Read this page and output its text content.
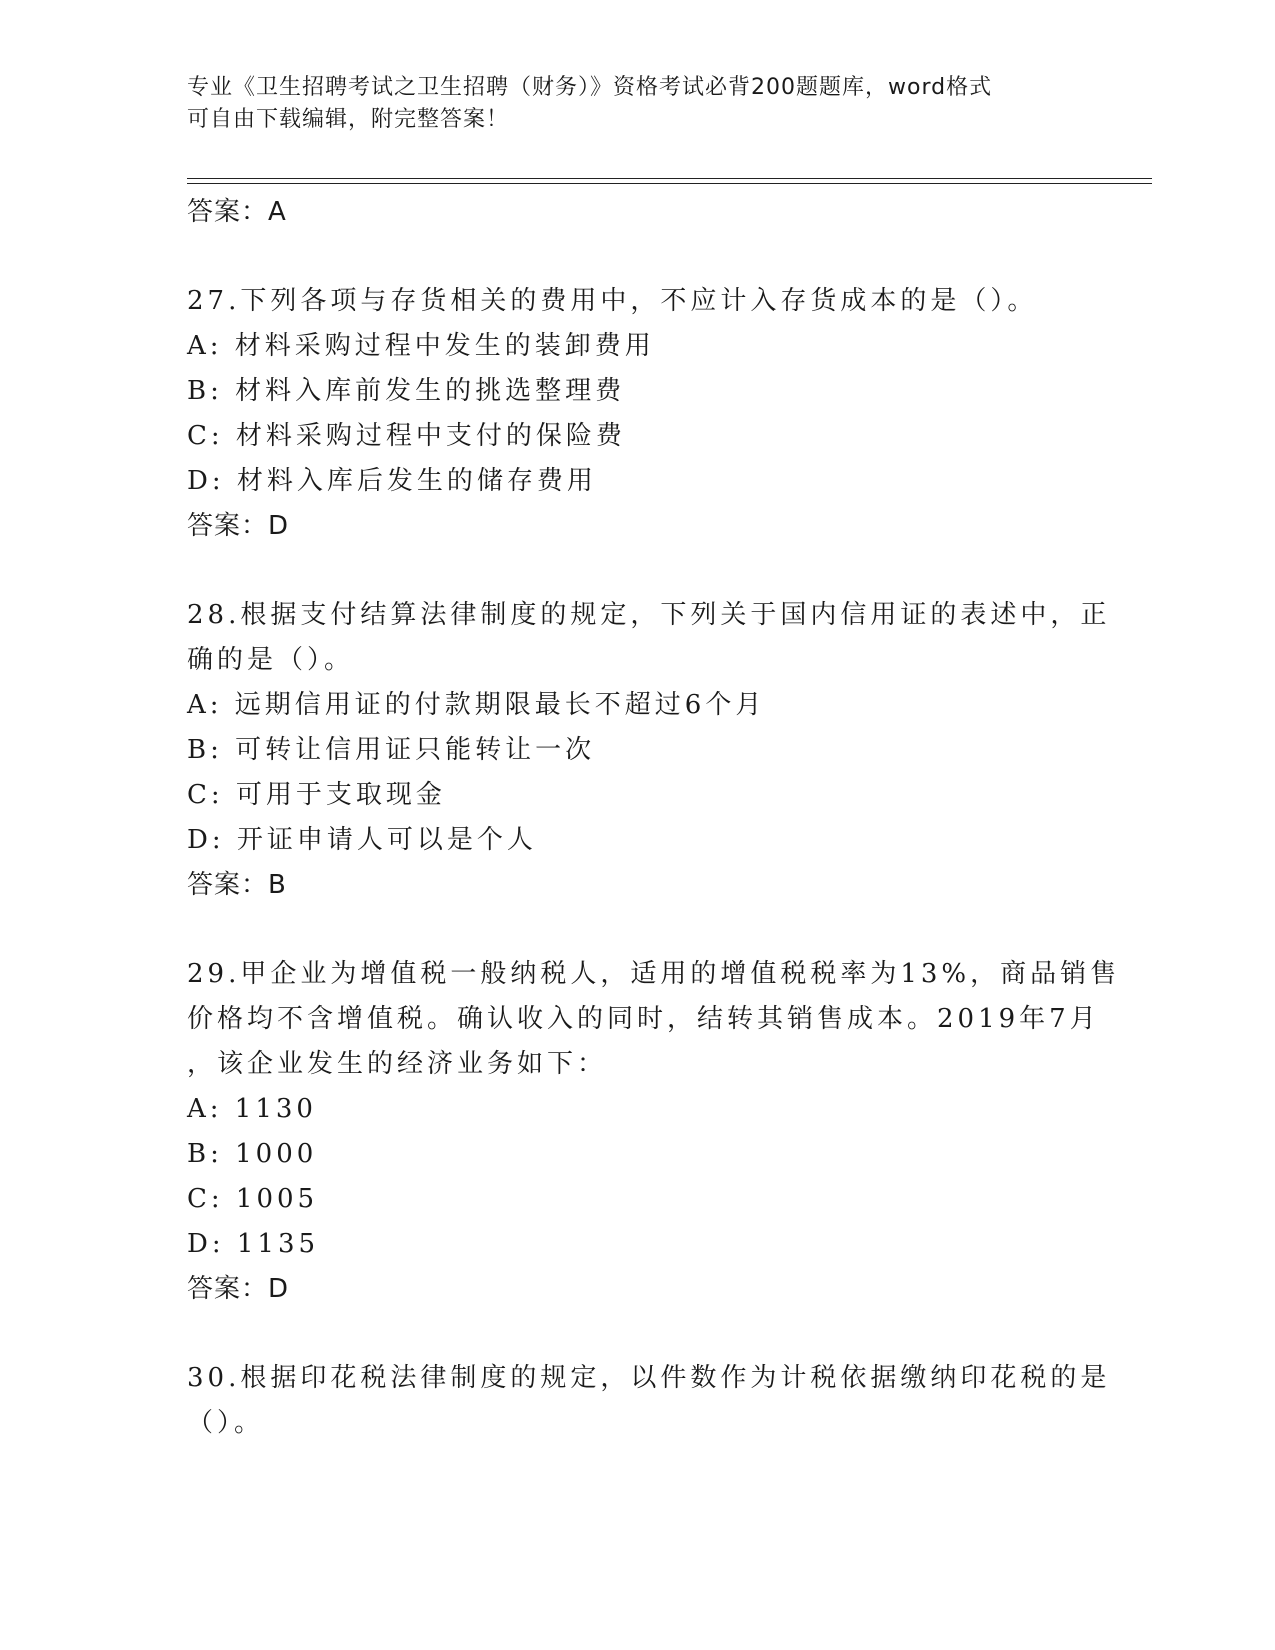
专业《卫生招聘考试之卫生招聘（财务）》资格考试必背200题题库，word格式
可自由下载编辑，附完整答案！
答案：A
27.下列各项与存货相关的费用中，不应计入存货成本的是（）。
A: 材料采购过程中发生的装卸费用
B: 材料入库前发生的挑选整理费
C: 材料采购过程中支付的保险费
D: 材料入库后发生的储存费用
答案：D
28.根据支付结算法律制度的规定，下列关于国内信用证的表述中，正
确的是（）。
A: 远期信用证的付款期限最长不超过6个月
B: 可转让信用证只能转让一次
C: 可用于支取现金
D: 开证申请人可以是个人
答案：B
29.甲企业为增值税一般纳税人，适用的增值税税率为13%，商品销售
价格均不含增值税。确认收入的同时，结转其销售成本。2019年7月
，该企业发生的经济业务如下：
A: 1130
B: 1000
C: 1005
D: 1135
答案：D
30.根据印花税法律制度的规定，以件数作为计税依据缴纳印花税的是
（）。
